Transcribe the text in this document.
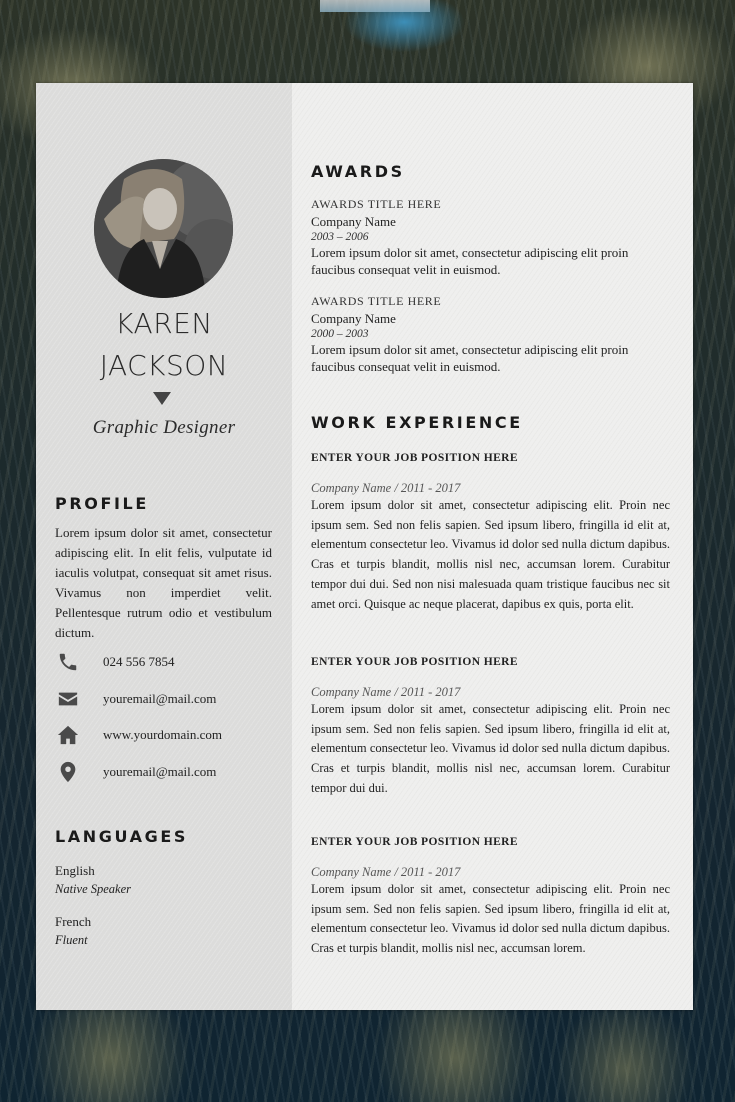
KAREN
JACKSON
Graphic Designer
PROFILE
Lorem ipsum dolor sit amet, consectetur adipiscing elit. In elit felis, vulputate id iaculis volutpat, consequat sit amet risus. Vivamus non imperdiet velit. Pellentesque rutrum odio et vestibulum dictum.
024 556 7854
youremail@mail.com
www.yourdomain.com
youremail@mail.com
LANGUAGES
English
Native Speaker
French
Fluent
AWARDS
AWARDS TITLE HERE
Company Name
2003 – 2006
Lorem ipsum dolor sit amet, consectetur adipiscing elit proin faucibus consequat velit in euismod.
AWARDS TITLE HERE
Company Name
2000 – 2003
Lorem ipsum dolor sit amet, consectetur adipiscing elit proin faucibus consequat velit in euismod.
WORK EXPERIENCE
ENTER YOUR JOB POSITION HERE
Company Name / 2011 - 2017
Lorem ipsum dolor sit amet, consectetur adipiscing elit. Proin nec ipsum sem. Sed non felis sapien. Sed ipsum libero, fringilla id elit at, elementum consectetur leo. Vivamus id dolor sed nulla dictum dapibus. Cras et turpis blandit, mollis nisl nec, accumsan lorem. Curabitur tempor dui dui. Sed non nisi malesuada quam tristique faucibus nec sit amet orci. Quisque ac neque placerat, dapibus ex quis, porta elit.
ENTER YOUR JOB POSITION HERE
Company Name / 2011 - 2017
Lorem ipsum dolor sit amet, consectetur adipiscing elit. Proin nec ipsum sem. Sed non felis sapien. Sed ipsum libero, fringilla id elit at, elementum consectetur leo. Vivamus id dolor sed nulla dictum dapibus. Cras et turpis blandit, mollis nisl nec, accumsan lorem. Curabitur tempor dui dui.
ENTER YOUR JOB POSITION HERE
Company Name / 2011 - 2017
Lorem ipsum dolor sit amet, consectetur adipiscing elit. Proin nec ipsum sem. Sed non felis sapien. Sed ipsum libero, fringilla id elit at, elementum consectetur leo. Vivamus id dolor sed nulla dictum dapibus. Cras et turpis blandit, mollis nisl nec, accumsan lorem.
